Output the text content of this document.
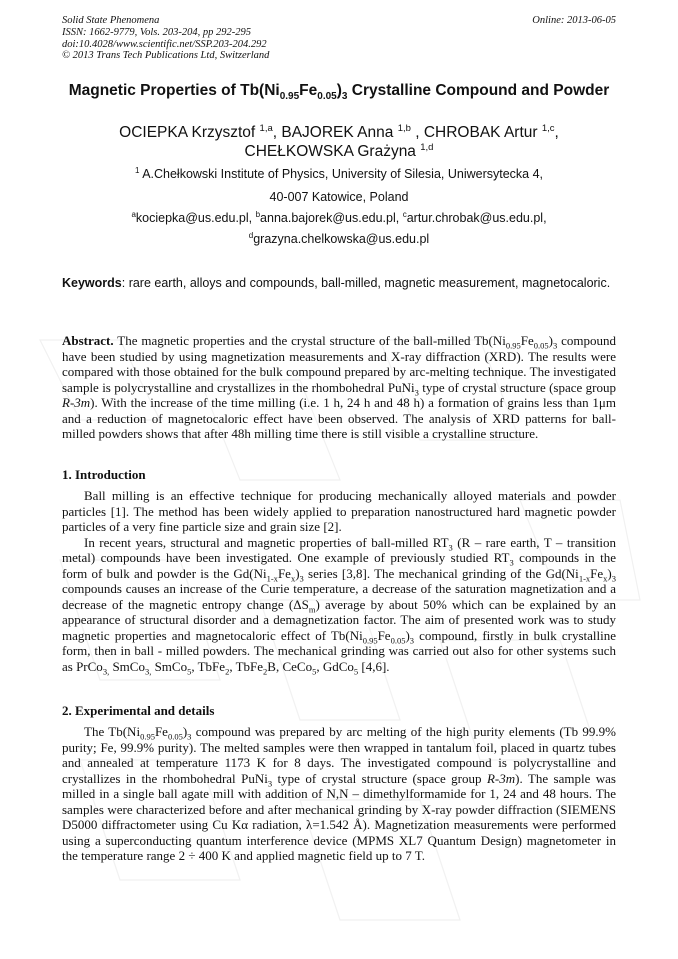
Solid State Phenomena
ISSN: 1662-9779, Vols. 203-204, pp 292-295
doi:10.4028/www.scientific.net/SSP.203-204.292
© 2013 Trans Tech Publications Ltd, Switzerland
Online: 2013-06-05
Magnetic Properties of $Tb(Ni_{0.95}Fe_{0.05})_3$ Crystalline Compound and Powder
OCIEPKA Krzysztof $^{1,a}$, BAJOREK Anna $^{1,b}$ , CHROBAK Artur $^{1,c}$,
CHEŁKOWSKA Grażyna $^{1,d}$
$^1$ A.Chełkowski Institute of Physics, University of Silesia, Uniwersytecka 4,
40-007 Katowice, Poland
$^a$kociepka@us.edu.pl, $^b$anna.bajorek@us.edu.pl, $^c$artur.chrobak@us.edu.pl,
$^d$grazyna.chelkowska@us.edu.pl
Keywords: rare earth, alloys and compounds, ball-milled, magnetic measurement, magnetocaloric.

Abstract. The magnetic properties and the crystal structure of the ball-milled $Tb(Ni_{0.95}Fe_{0.05})_3$ compound have been studied by using magnetization measurements and X-ray diffraction (XRD). The results were compared with those obtained for the bulk compound prepared by arc-melting technique. The investigated sample is polycrystalline and crystallizes in the rhombohedral PuNi$_3$ type of crystal structure (space group R-3m). With the increase of the time milling (i.e. 1 h, 24 h and 48 h) a formation of grains less than 1μm and a reduction of magnetocaloric effect have been observed. The analysis of XRD patterns for ball-milled powders shows that after 48h milling time there is still visible a crystalline structure.

1. Introduction

Ball milling is an effective technique for producing mechanically alloyed materials and powder particles [1]. The method has been widely applied to preparation nanostructured hard magnetic powder particles of a very fine particle size and grain size [2].

In recent years, structural and magnetic properties of ball-milled $RT_3$ (R – rare earth, T – transition metal) compounds have been investigated. One example of previously studied $RT_3$ compounds in the form of bulk and powder is the $Gd(Ni_{1-x}Fe_x)_3$ series [3,8]. The mechanical grinding of the $Gd(Ni_{1-x}Fe_x)_3$ compounds causes an increase of the Curie temperature, a decrease of the saturation magnetization and a decrease of the magnetic entropy change $(\Delta S_m)$ average by about 50% which can be explained by an appearance of structural disorder and a demagnetization factor. The aim of presented work was to study magnetic properties and magnetocaloric effect of $Tb(Ni_{0.95}Fe_{0.05})_3$ compound, firstly in bulk crystalline form, then in ball - milled powders. The mechanical grinding was carried out also for other systems such as PrCo$_{3,}$ SmCo$_{3,}$ SmCo$_5$, TbFe$_2$, TbFe$_2$B, CeCo$_5$, GdCo$_5$ [4,6].

2. Experimental and details

The $Tb(Ni_{0.95}Fe_{0.05})_3$ compound was prepared by arc melting of the high purity elements (Tb 99.9% purity; Fe, 99.9% purity). The melted samples were then wrapped in tantalum foil, placed in quartz tubes and annealed at temperature 1173 K for 8 days. The investigated compound is polycrystalline and crystallizes in the rhombohedral PuNi$_3$ type of crystal structure (space group R-3m). The sample was milled in a single ball agate mill with addition of N,N – dimethylformamide for 1, 24 and 48 hours. The samples were characterized before and after mechanical grinding by X-ray powder diffraction (SIEMENS D5000 diffractometer using Cu Kα radiation, λ=1.542 Å). Magnetization measurements were performed using a superconducting quantum interference device (MPMS XL7 Quantum Design) magnetometer in the temperature range 2 ÷ 400 K and applied magnetic field up to 7 T.
